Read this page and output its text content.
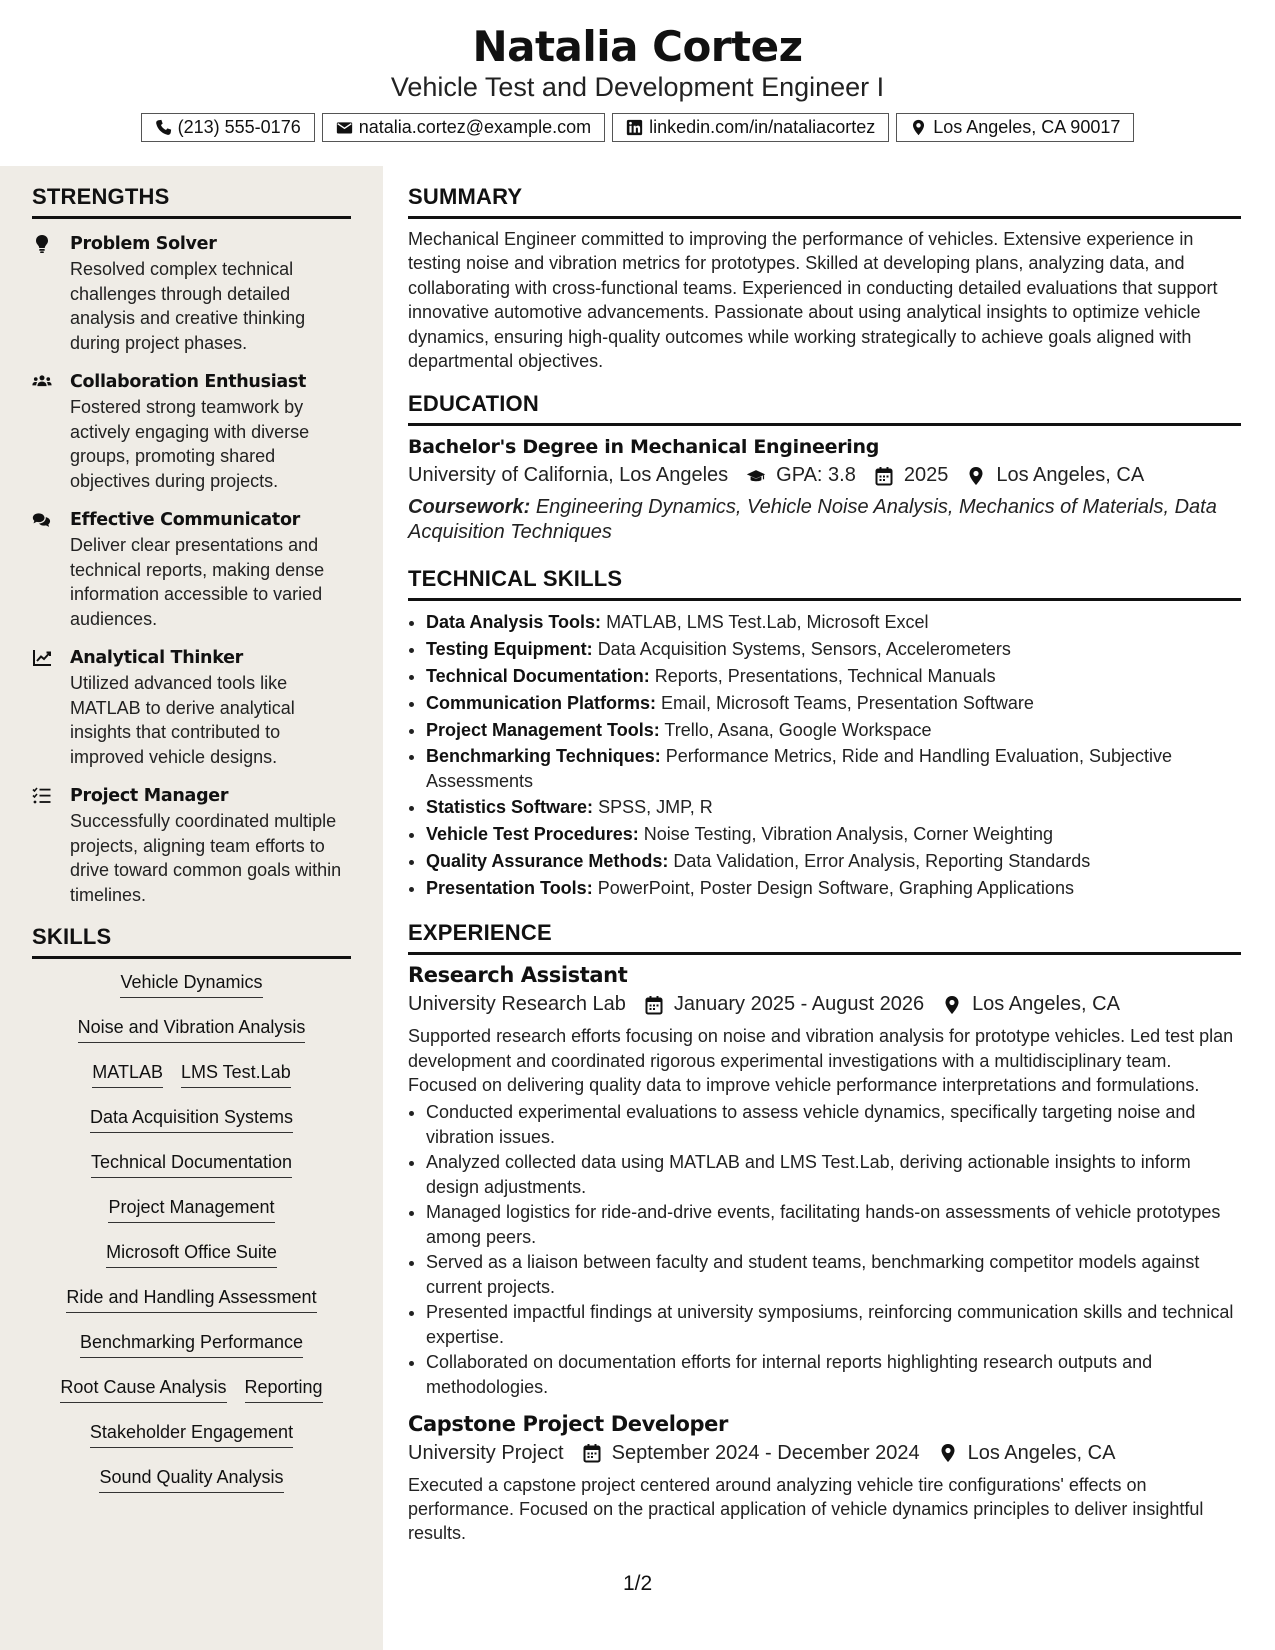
Natalia Cortez
Vehicle Test and Development Engineer I
(213) 555-0176	natalia.cortez@example.com	linkedin.com/in/nataliacortez	Los Angeles, CA 90017
STRENGTHS
Problem Solver
Resolved complex technical challenges through detailed analysis and creative thinking during project phases.
Collaboration Enthusiast
Fostered strong teamwork by actively engaging with diverse groups, promoting shared objectives during projects.
Effective Communicator
Deliver clear presentations and technical reports, making dense information accessible to varied audiences.
Analytical Thinker
Utilized advanced tools like MATLAB to derive analytical insights that contributed to improved vehicle designs.
Project Manager
Successfully coordinated multiple projects, aligning team efforts to drive toward common goals within timelines.
SKILLS
Vehicle Dynamics
Noise and Vibration Analysis
MATLAB LMS Test.Lab
Data Acquisition Systems
Technical Documentation
Project Management
Microsoft Office Suite
Ride and Handling Assessment
Benchmarking Performance
Root Cause Analysis Reporting
Stakeholder Engagement
Sound Quality Analysis
SUMMARY
Mechanical Engineer committed to improving the performance of vehicles. Extensive experience in testing noise and vibration metrics for prototypes. Skilled at developing plans, analyzing data, and collaborating with cross-functional teams. Experienced in conducting detailed evaluations that support innovative automotive advancements. Passionate about using analytical insights to optimize vehicle dynamics, ensuring high-quality outcomes while working strategically to achieve goals aligned with departmental objectives.
EDUCATION
Bachelor's Degree in Mechanical Engineering
University of California, Los Angeles GPA: 3.8 2025 Los Angeles, CA
Coursework: Engineering Dynamics, Vehicle Noise Analysis, Mechanics of Materials, Data Acquisition Techniques
TECHNICAL SKILLS
• Data Analysis Tools: MATLAB, LMS Test.Lab, Microsoft Excel
• Testing Equipment: Data Acquisition Systems, Sensors, Accelerometers
• Technical Documentation: Reports, Presentations, Technical Manuals
• Communication Platforms: Email, Microsoft Teams, Presentation Software
• Project Management Tools: Trello, Asana, Google Workspace
• Benchmarking Techniques: Performance Metrics, Ride and Handling Evaluation, Subjective Assessments
• Statistics Software: SPSS, JMP, R
• Vehicle Test Procedures: Noise Testing, Vibration Analysis, Corner Weighting
• Quality Assurance Methods: Data Validation, Error Analysis, Reporting Standards
• Presentation Tools: PowerPoint, Poster Design Software, Graphing Applications
EXPERIENCE
Research Assistant
University Research Lab January 2025 - August 2026 Los Angeles, CA
Supported research efforts focusing on noise and vibration analysis for prototype vehicles. Led test plan development and coordinated rigorous experimental investigations with a multidisciplinary team. Focused on delivering quality data to improve vehicle performance interpretations and formulations.
• Conducted experimental evaluations to assess vehicle dynamics, specifically targeting noise and vibration issues.
• Analyzed collected data using MATLAB and LMS Test.Lab, deriving actionable insights to inform design adjustments.
• Managed logistics for ride-and-drive events, facilitating hands-on assessments of vehicle prototypes among peers.
• Served as a liaison between faculty and student teams, benchmarking competitor models against current projects.
• Presented impactful findings at university symposiums, reinforcing communication skills and technical expertise.
• Collaborated on documentation efforts for internal reports highlighting research outputs and methodologies.
Capstone Project Developer
University Project September 2024 - December 2024 Los Angeles, CA
Executed a capstone project centered around analyzing vehicle tire configurations' effects on performance. Focused on the practical application of vehicle dynamics principles to deliver insightful results.
1/2
